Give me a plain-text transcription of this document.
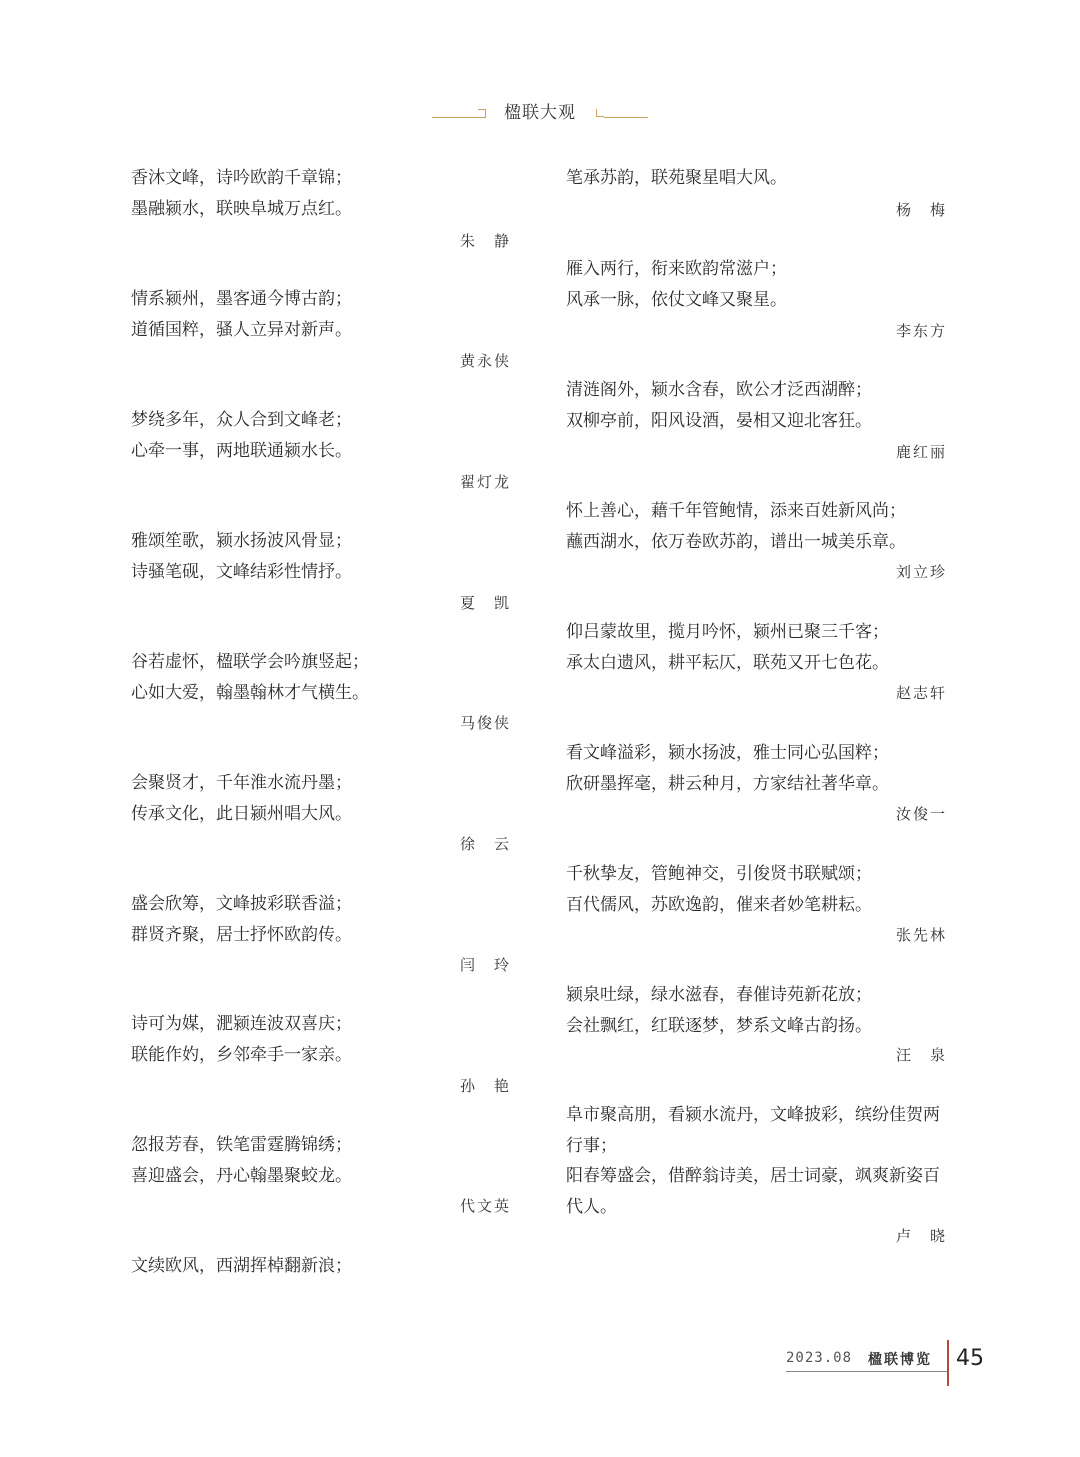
楹联大观
香沐文峰，诗吟欧韵千章锦；
墨融颍水，联映阜城万点红。
情系颍州，墨客通今博古韵；
道循国粹，骚人立异对新声。
梦绕多年，众人合到文峰老；
心牵一事，两地联通颍水长。
雅颂笙歌，颍水扬波风骨显；
诗骚笔砚，文峰结彩性情抒。
谷若虚怀，楹联学会吟旗竖起；
心如大爱，翰墨翰林才气横生。
会聚贤才，千年淮水流丹墨；
传承文化，此日颍州唱大风。
盛会欣筹，文峰披彩联香溢；
群贤齐聚，居士抒怀欧韵传。
诗可为媒，淝颍连波双喜庆；
联能作妁，乡邻牵手一家亲。
忽报芳春，铁笔雷霆腾锦绣；
喜迎盛会，丹心翰墨聚蛟龙。
文续欧风，西湖挥棹翻新浪；
朱　静
黄永侠
翟灯龙
夏　凯
马俊侠
徐　云
闫　玲
孙　艳
代文英
笔承苏韵，联苑聚星唱大风。
雁入两行，衔来欧韵常滋户；
风承一脉，依仗文峰又聚星。
清涟阁外，颍水含春，欧公才泛西湖醉；
双柳亭前，阳风设酒，晏相又迎北客狂。
怀上善心，藉千年管鲍情，添来百姓新风尚；
蘸西湖水，依万卷欧苏韵，谱出一城美乐章。
仰吕蒙故里，揽月吟怀，颍州已聚三千客；
承太白遗风，耕平耘仄，联苑又开七色花。
看文峰溢彩，颍水扬波，雅士同心弘国粹；
欣研墨挥毫，耕云种月，方家结社著华章。
千秋挚友，管鲍神交，引俊贤书联赋颂；
百代儒风，苏欧逸韵，催来者妙笔耕耘。
颍泉吐绿，绿水滋春，春催诗苑新花放；
会社飘红，红联逐梦，梦系文峰古韵扬。
阜市聚高朋，看颍水流丹，文峰披彩，缤纷佳贺两
行事；
阳春筹盛会，借醉翁诗美，居士词豪，飒爽新姿百
代人。
杨　梅
李东方
鹿红丽
刘立珍
赵志轩
汝俊一
张先林
汪　泉
卢　晓
2023.08 楹联博览 45
